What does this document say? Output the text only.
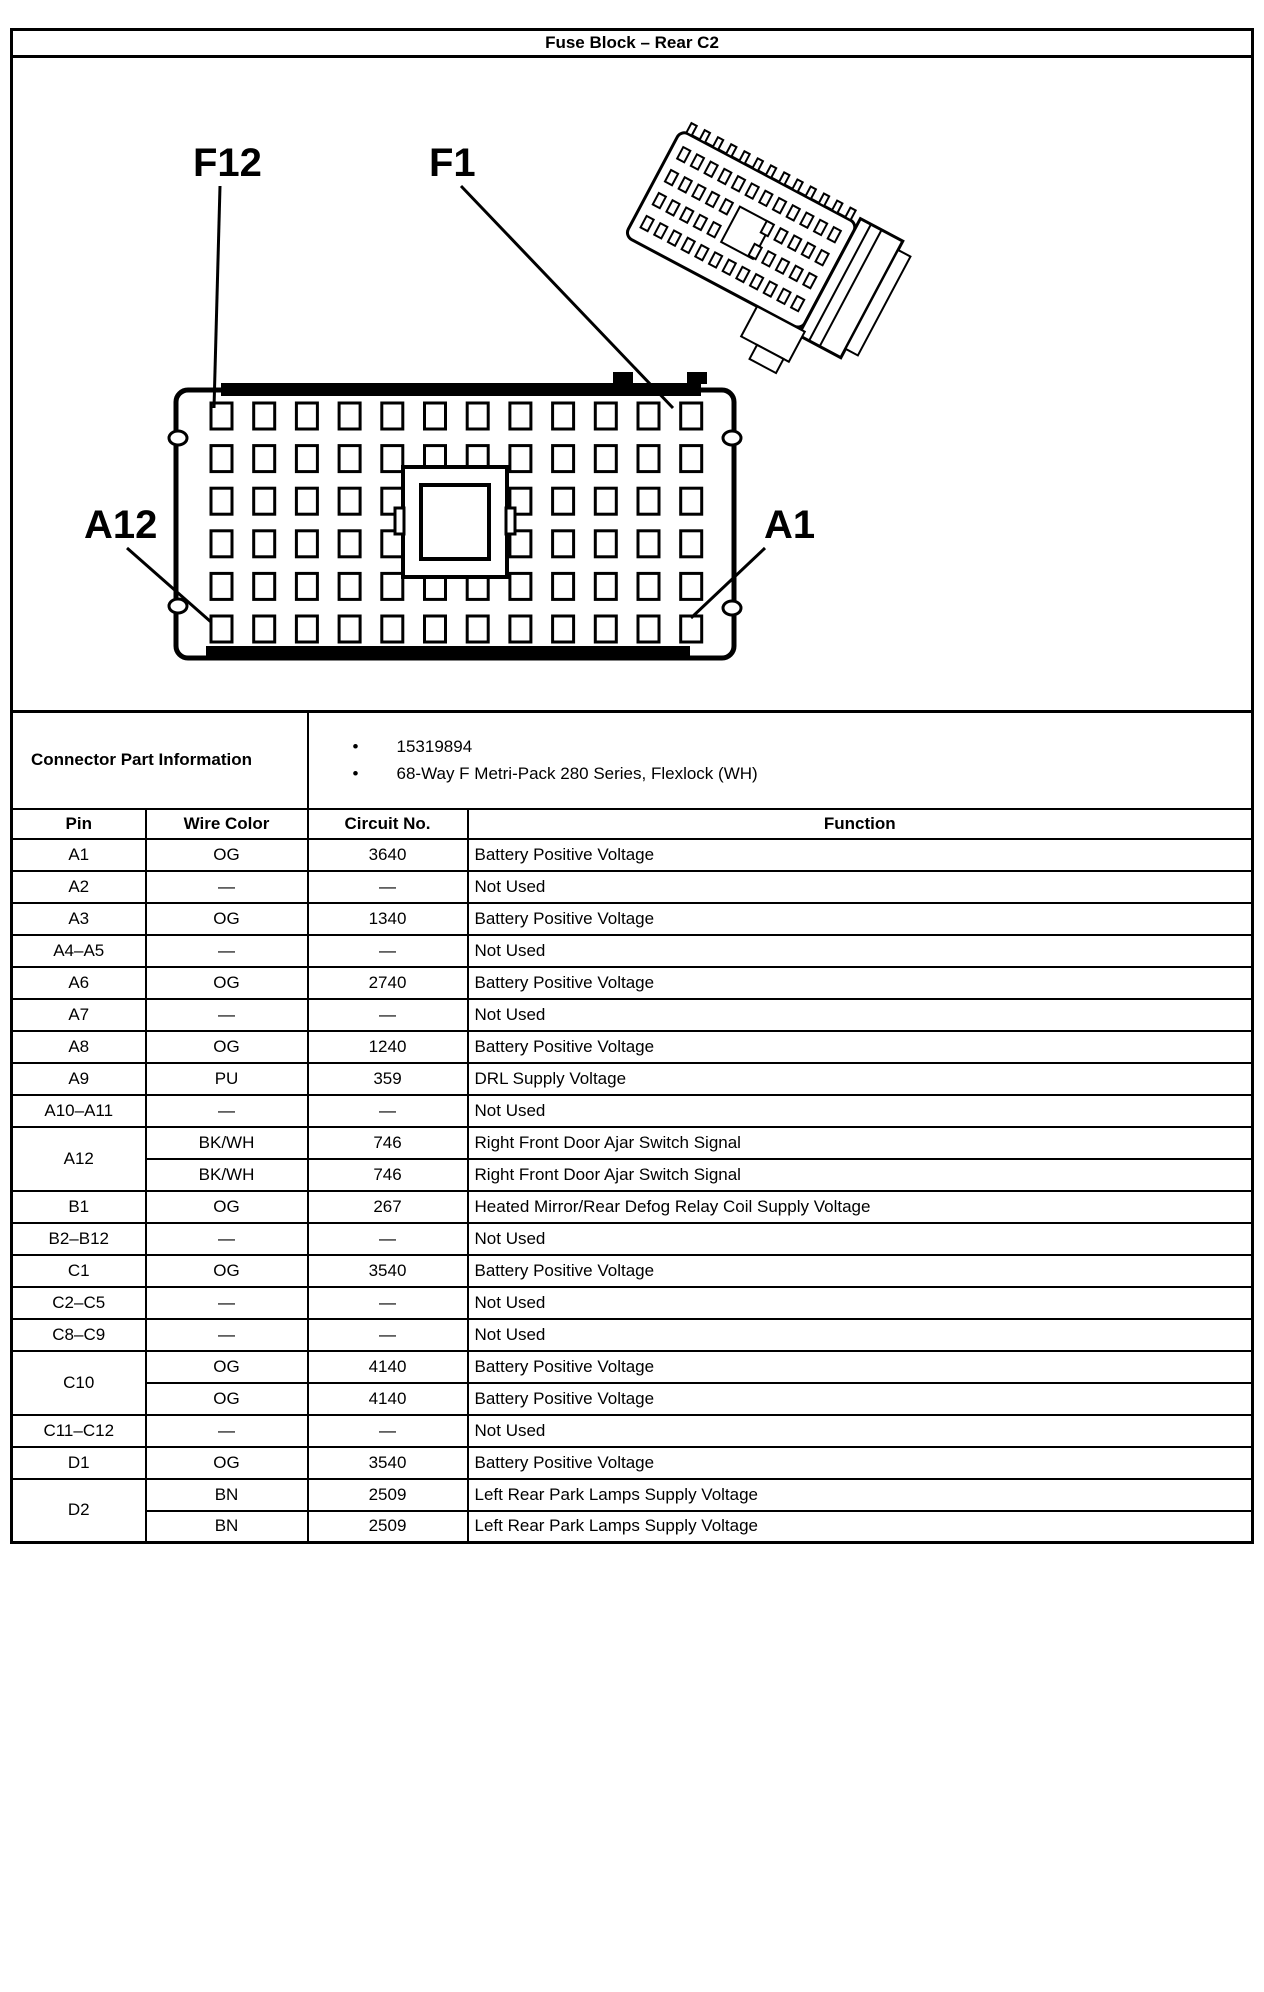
Fuse Block – Rear C2
F12	F1
A12	A1
Connector Part Information		• 15319894
• 68-Way F Metri-Pack 280 Series, Flexlock (WH)	

Pin	Wire Color	Circuit No.	Function
A1	OG	3640	Battery Positive Voltage
A2	—	—	Not Used
A3	OG	1340	Battery Positive Voltage
A4–A5	—	—	Not Used
A6	OG	2740	Battery Positive Voltage
A7	—	—	Not Used
A8	OG	1240	Battery Positive Voltage
A9	PU	359	DRL Supply Voltage
A10–A11	—	—	Not Used
A12	BK/WH	746	Right Front Door Ajar Switch Signal
	BK/WH	746	Right Front Door Ajar Switch Signal
B1	OG	267	Heated Mirror/Rear Defog Relay Coil Supply Voltage
B2–B12	—	—	Not Used
C1	OG	3540	Battery Positive Voltage
C2–C5	—	—	Not Used
C8–C9	—	—	Not Used
C10	OG	4140	Battery Positive Voltage
	OG	4140	Battery Positive Voltage
C11–C12	—	—	Not Used
D1	OG	3540	Battery Positive Voltage
D2	BN	2509	Left Rear Park Lamps Supply Voltage
	BN	2509	Left Rear Park Lamps Supply Voltage
